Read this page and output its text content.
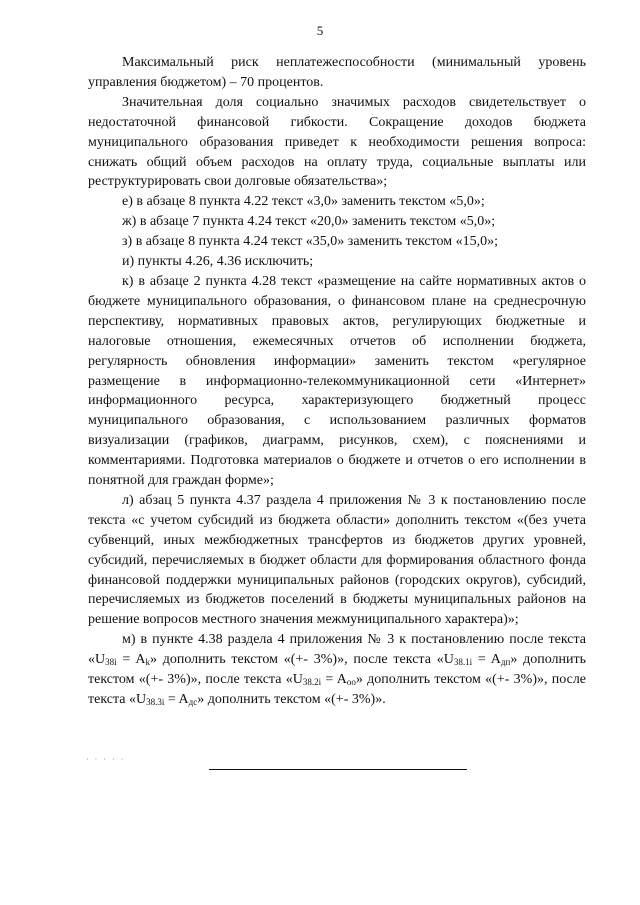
5

Максимальный риск неплатежеспособности (минимальный уровень управления бюджетом) – 70 процентов.

Значительная доля социально значимых расходов свидетельствует о недостаточной финансовой гибкости. Сокращение доходов бюджета муниципального образования приведет к необходимости решения вопроса: снижать общий объем расходов на оплату труда, социальные выплаты или реструктурировать свои долговые обязательства»;

е) в абзаце 8 пункта 4.22 текст «3,0» заменить текстом «5,0»;

ж) в абзаце 7 пункта 4.24 текст «20,0» заменить текстом «5,0»;

з) в абзаце 8 пункта 4.24 текст «35,0» заменить текстом «15,0»;

и) пункты 4.26, 4.36 исключить;

к) в абзаце 2 пункта 4.28 текст «размещение на сайте нормативных актов о бюджете муниципального образования, о финансовом плане на среднесрочную перспективу, нормативных правовых актов, регулирующих бюджетные и налоговые отношения, ежемесячных отчетов об исполнении бюджета, регулярность обновления информации» заменить текстом «регулярное размещение в информационно-телекоммуникационной сети «Интернет» информационного ресурса, характеризующего бюджетный процесс муниципального образования, с использованием различных форматов визуализации (графиков, диаграмм, рисунков, схем), с пояснениями и комментариями. Подготовка материалов о бюджете и отчетов о его исполнении в понятной для граждан форме»;

л) абзац 5 пункта 4.37 раздела 4 приложения № 3 к постановлению после текста «с учетом субсидий из бюджета области» дополнить текстом «(без учета субвенций, иных межбюджетных трансфертов из бюджетов других уровней, субсидий, перечисляемых в бюджет области для формирования областного фонда финансовой поддержки муниципальных районов (городских округов), субсидий, перечисляемых из бюджетов поселений в бюджеты муниципальных районов на решение вопросов местного значения межмуниципального характера)»;

м) в пункте 4.38 раздела 4 приложения № 3 к постановлению после текста «$U_{38i} = A_k$» дополнить текстом «(+- 3%)», после текста «$U_{38.1i} = A_{дп}$» дополнить текстом «(+- 3%)», после текста «$U_{38.2i} = A_{оо}$» дополнить текстом «(+- 3%)», после текста «$U_{38.3i} = A_{дс}$» дополнить текстом «(+- 3%)».

· · · · ·
